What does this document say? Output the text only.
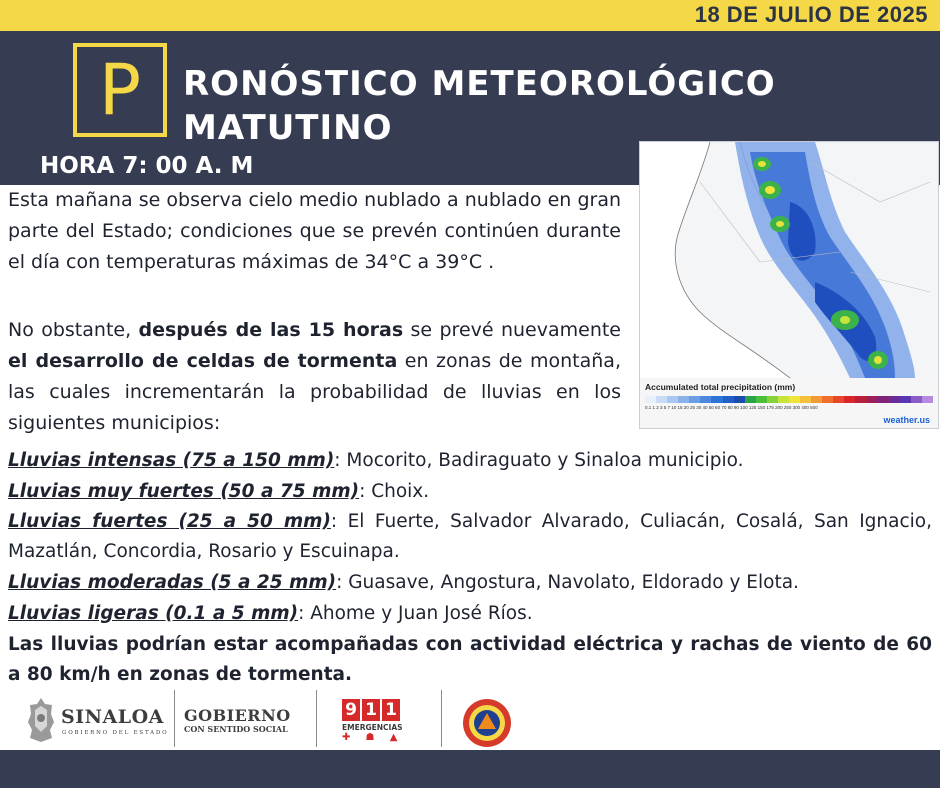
18 DE JULIO DE 2025
P	RONÓSTICO METEOROLÓGICO
MATUTINO
HORA 7: 00 A. M
Accumulated total precipitation (mm)
0.1 1 2 3 5 7 10 15 20 25 30 40 50 60 70 80 90 100 125 150 175 200 250 300 400 500
weather.us
Esta mañana se observa cielo medio nublado a nublado en gran parte del Estado; condiciones que se prevén continúen durante el día con temperaturas máximas de 34°C a 39°C .
No obstante, después de las 15 horas se prevé nuevamente el desarrollo de celdas de tormenta en zonas de montaña, las cuales incrementarán la probabilidad de lluvias en los siguientes municipios:
Lluvias intensas (75 a 150 mm): Mocorito, Badiraguato y Sinaloa municipio.
Lluvias muy fuertes (50 a 75 mm): Choix.
Lluvias fuertes (25 a 50 mm): El Fuerte, Salvador Alvarado, Culiacán, Cosalá, San Ignacio, Mazatlán, Concordia, Rosario y Escuinapa.
Lluvias moderadas (5 a 25 mm): Guasave, Angostura, Navolato, Eldorado y Elota.
Lluvias ligeras (0.1 a 5 mm): Ahome y Juan José Ríos.
Las lluvias podrían estar acompañadas con actividad eléctrica y rachas de viento de 60 a 80 km/h en zonas de tormenta.
SINALOA
GOBIERNO DEL ESTADO
GOBIERNO
CON SENTIDO SOCIAL
9 1 1
EMERGENCIAS
✚ ☗ ▲
